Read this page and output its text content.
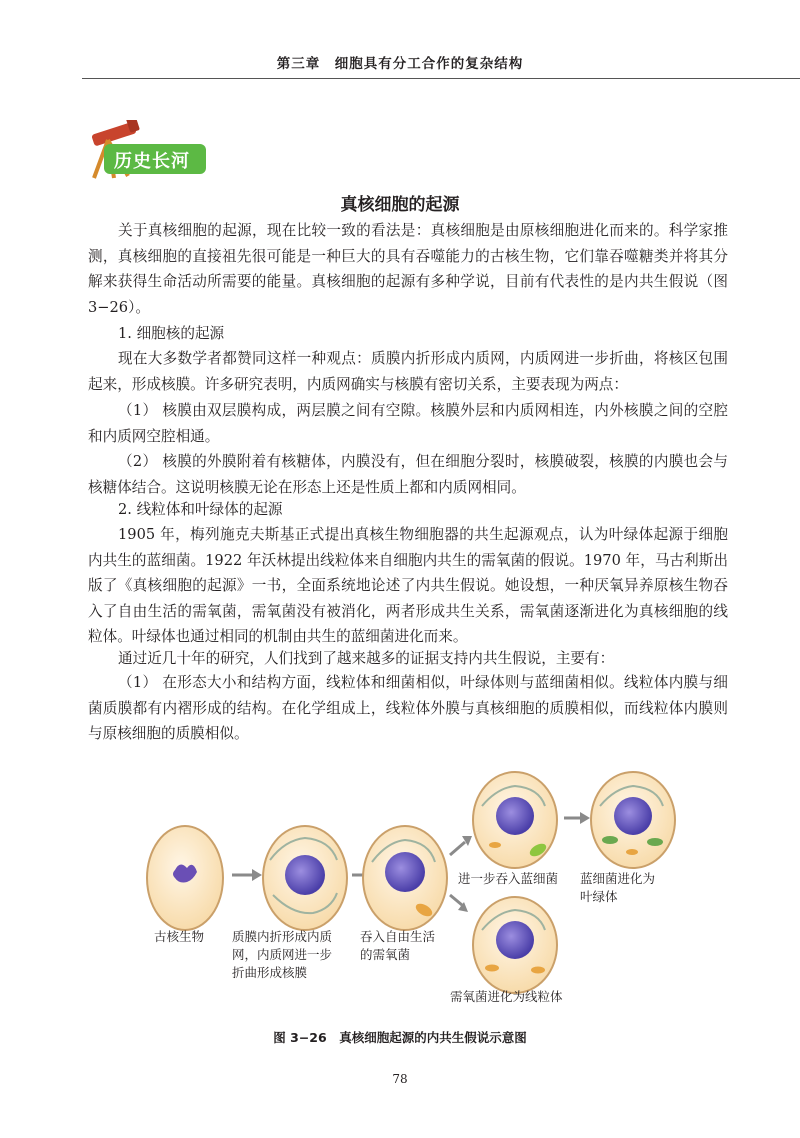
第三章　细胞具有分工合作的复杂结构
历史长河
真核细胞的起源
关于真核细胞的起源，现在比较一致的看法是：真核细胞是由原核细胞进化而来的。科学家推测，真核细胞的直接祖先很可能是一种巨大的具有吞噬能力的古核生物，它们靠吞噬糖类并将其分解来获得生命活动所需要的能量。真核细胞的起源有多种学说，目前有代表性的是内共生假说（图 3−26）。
1. 细胞核的起源
现在大多数学者都赞同这样一种观点：质膜内折形成内质网，内质网进一步折曲，将核区包围起来，形成核膜。许多研究表明，内质网确实与核膜有密切关系，主要表现为两点：
（1） 核膜由双层膜构成，两层膜之间有空隙。核膜外层和内质网相连，内外核膜之间的空腔和内质网空腔相通。
（2） 核膜的外膜附着有核糖体，内膜没有，但在细胞分裂时，核膜破裂，核膜的内膜也会与核糖体结合。这说明核膜无论在形态上还是性质上都和内质网相同。
2. 线粒体和叶绿体的起源
1905 年，梅列施克夫斯基正式提出真核生物细胞器的共生起源观点，认为叶绿体起源于细胞内共生的蓝细菌。1922 年沃林提出线粒体来自细胞内共生的需氧菌的假说。1970 年，马古利斯出版了《真核细胞的起源》一书，全面系统地论述了内共生假说。她设想，一种厌氧异养原核生物吞入了自由生活的需氧菌，需氧菌没有被消化，两者形成共生关系，需氧菌逐渐进化为真核细胞的线粒体。叶绿体也通过相同的机制由共生的蓝细菌进化而来。
通过近几十年的研究，人们找到了越来越多的证据支持内共生假说，主要有：
（1） 在形态大小和结构方面，线粒体和细菌相似，叶绿体则与蓝细菌相似。线粒体内膜与细菌质膜都有内褶形成的结构。在化学组成上，线粒体外膜与真核细胞的质膜相似，而线粒体内膜则与原核细胞的质膜相似。
古核生物 质膜内折形成内质
网，内质网进一步
折曲形成核膜
吞入自由生活
的需氧菌
进一步吞入蓝细菌 蓝细菌进化为
叶绿体
需氧菌进化为线粒体
图 3−26　真核细胞起源的内共生假说示意图
78
